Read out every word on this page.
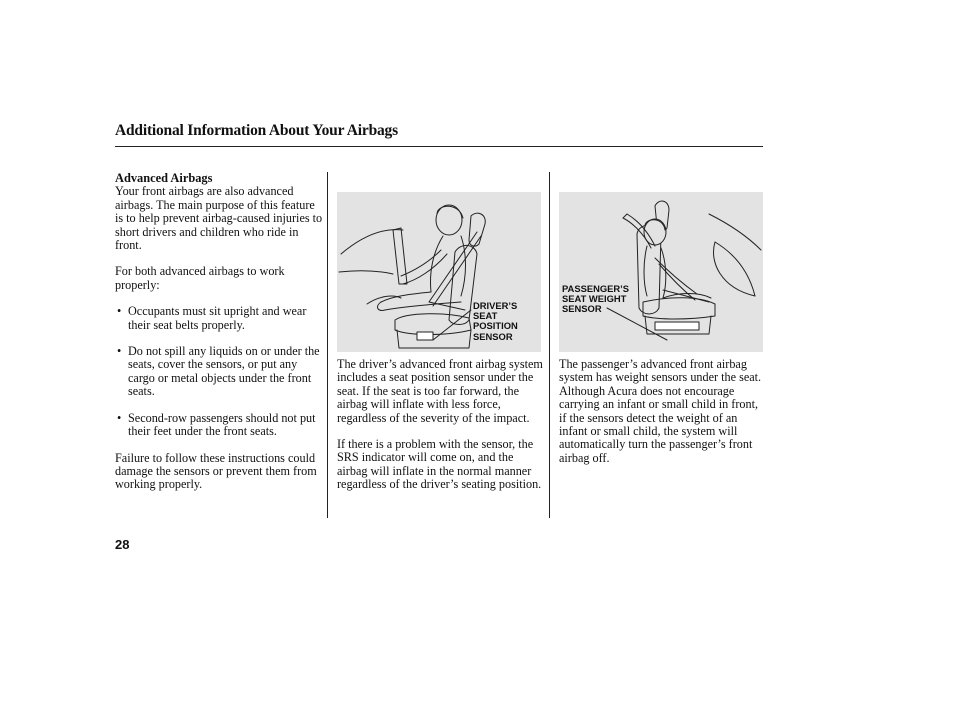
Additional Information About Your Airbags
Advanced Airbags

Your front airbags are also advanced airbags. The main purpose of this feature is to help prevent airbag-caused injuries to short drivers and children who ride in front.

For both advanced airbags to work properly:

• Occupants must sit upright and wear their seat belts properly.
• Do not spill any liquids on or under the seats, cover the sensors, or put any cargo or metal objects under the front seats.
• Second-row passengers should not put their feet under the front seats.

Failure to follow these instructions could damage the sensors or prevent them from working properly.

DRIVER’S
SEAT
POSITION
SENSOR

The driver’s advanced front airbag system includes a seat position sensor under the seat. If the seat is too far forward, the airbag will inflate with less force, regardless of the severity of the impact.

If there is a problem with the sensor, the SRS indicator will come on, and the airbag will inflate in the normal manner regardless of the driver’s seating position.

PASSENGER’S
SEAT WEIGHT
SENSOR

The passenger’s advanced front airbag system has weight sensors under the seat. Although Acura does not encourage carrying an infant or small child in front, if the sensors detect the weight of an infant or small child, the system will automatically turn the passenger’s front airbag off.

28
